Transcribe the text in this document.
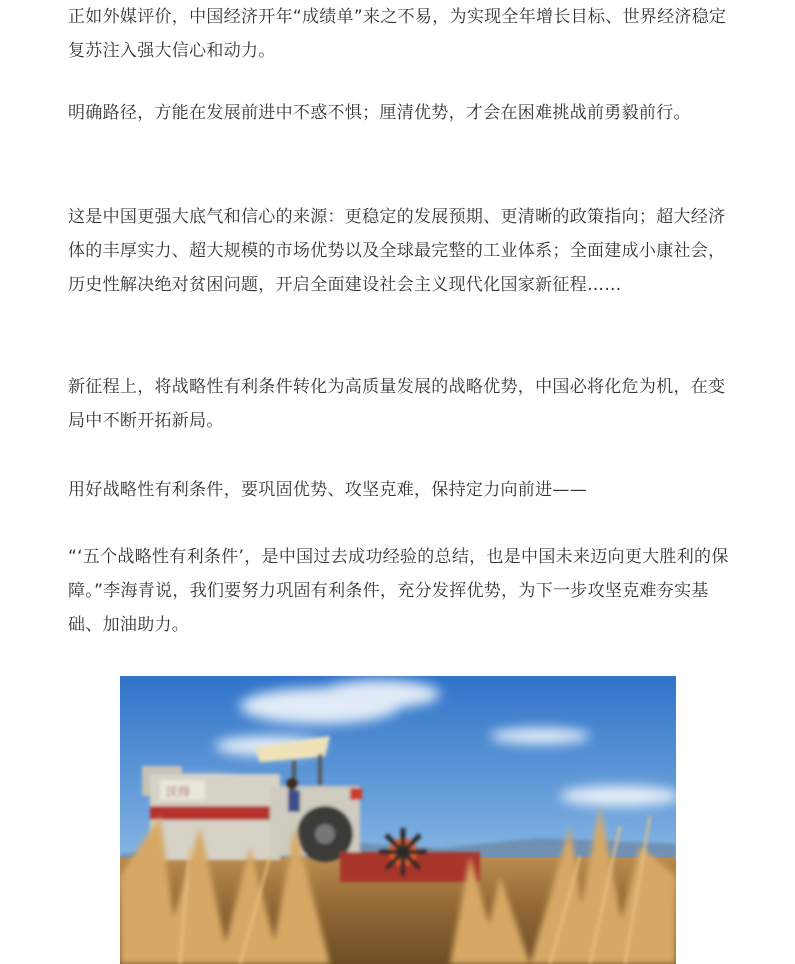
正如外媒评价，中国经济开年“成绩单”来之不易，为实现全年增长目标、世界经济稳定复苏注入强大信心和动力。

明确路径，方能在发展前进中不惑不惧；厘清优势，才会在困难挑战前勇毅前行。

这是中国更强大底气和信心的来源：更稳定的发展预期、更清晰的政策指向；超大经济体的丰厚实力、超大规模的市场优势以及全球最完整的工业体系；全面建成小康社会，历史性解决绝对贫困问题，开启全面建设社会主义现代化国家新征程……

新征程上，将战略性有利条件转化为高质量发展的战略优势，中国必将化危为机，在变局中不断开拓新局。

用好战略性有利条件，要巩固优势、攻坚克难，保持定力向前进——

“‘五个战略性有利条件’，是中国过去成功经验的总结，也是中国未来迈向更大胜利的保障。”李海青说，我们要努力巩固有利条件，充分发挥优势，为下一步攻坚克难夯实基础、加油助力。

沃得
